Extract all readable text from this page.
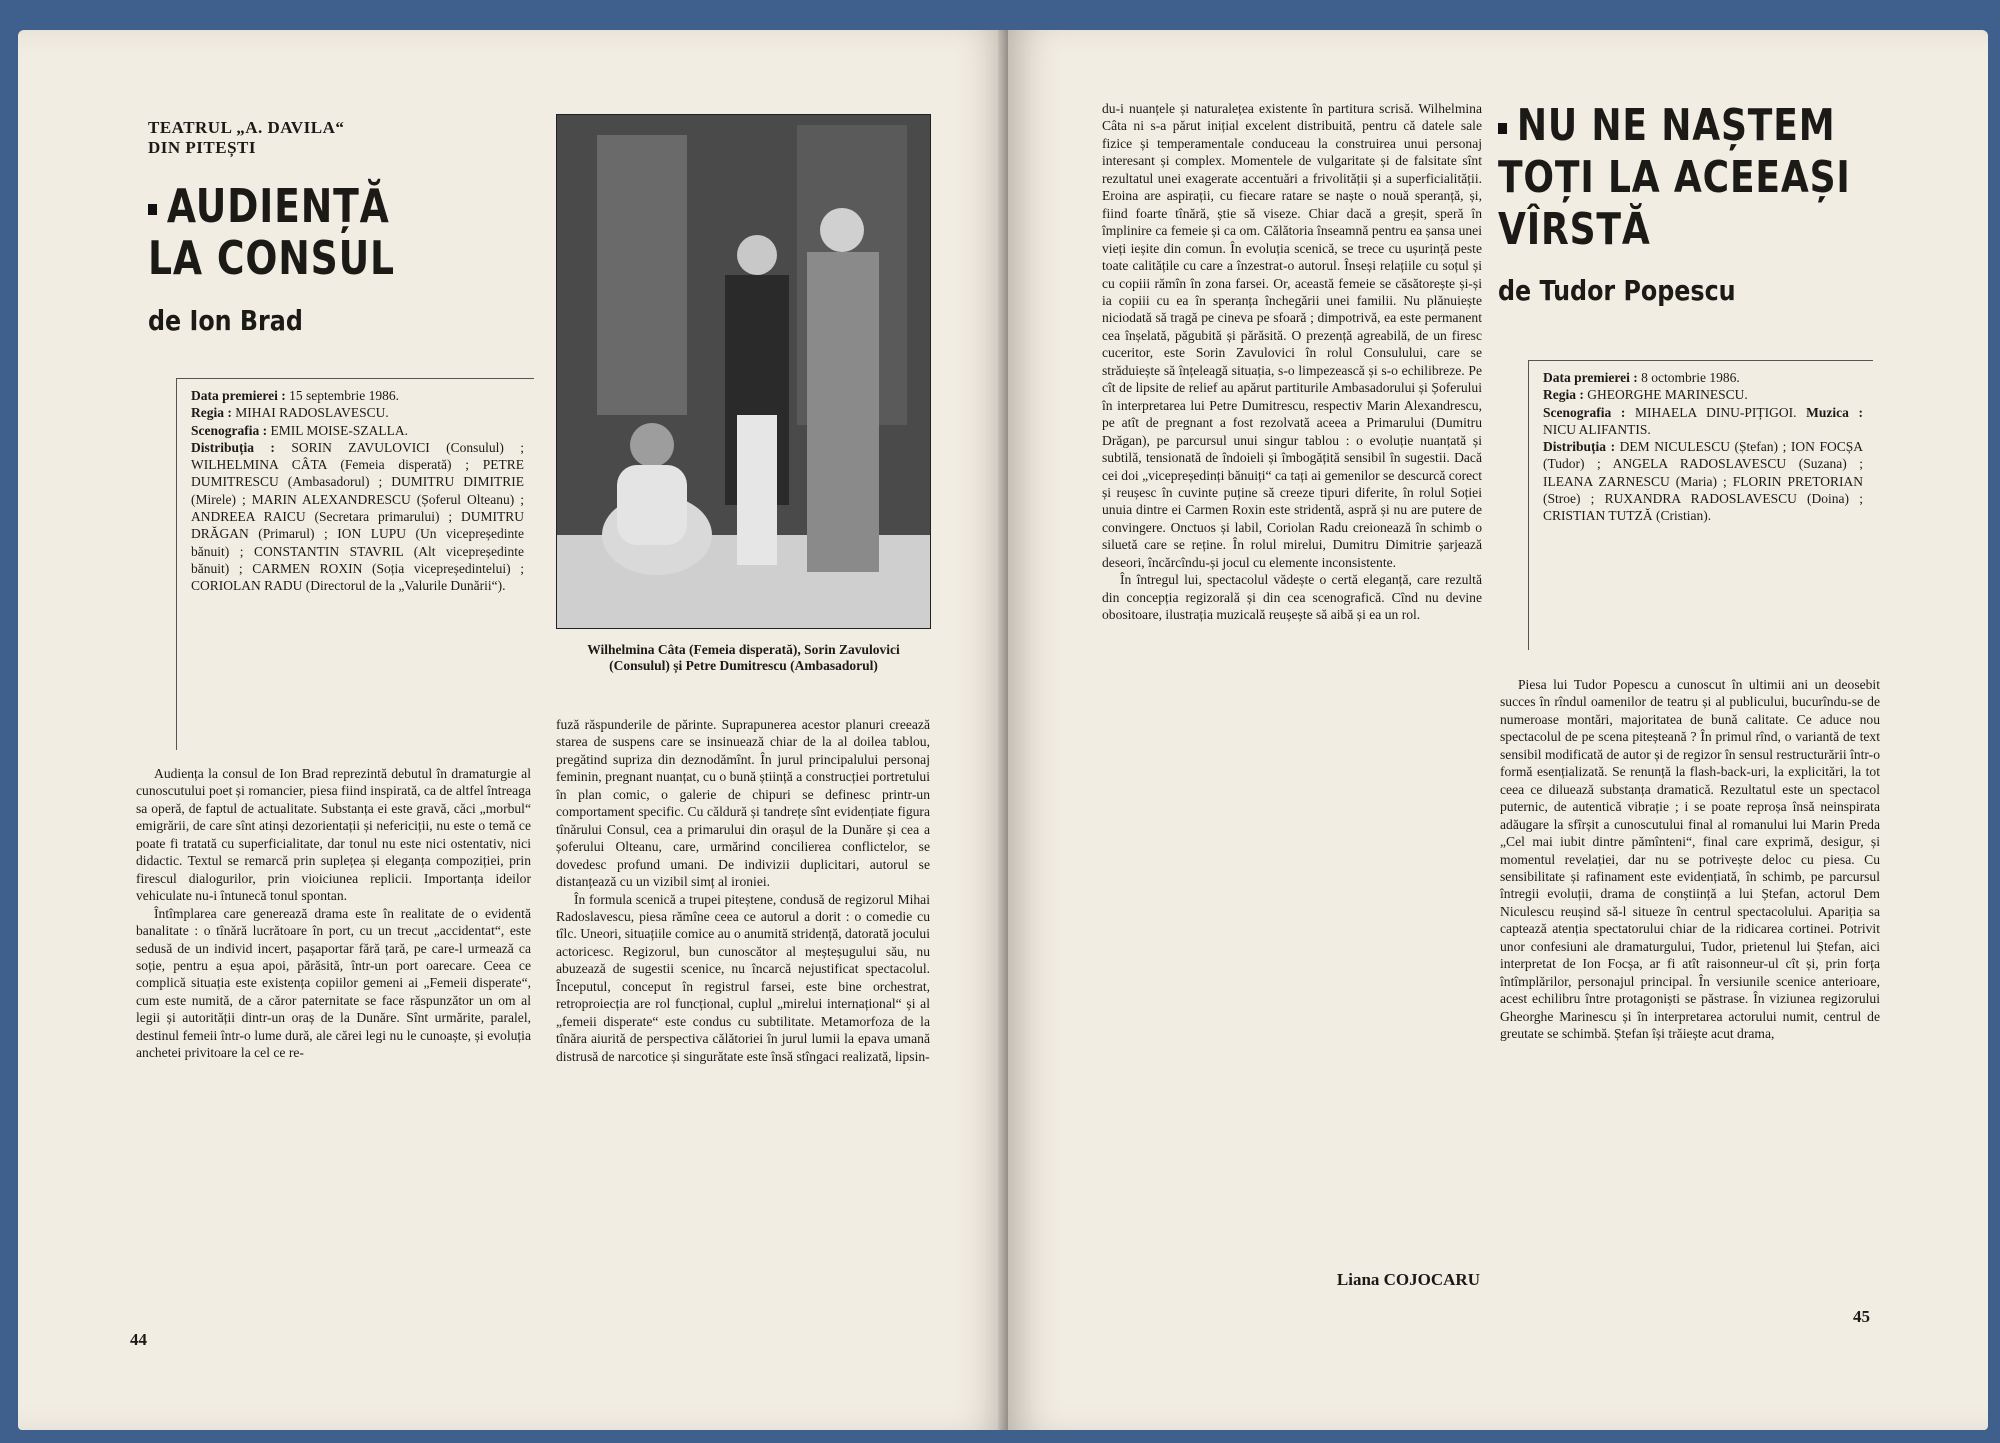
TEATRUL „A. DAVILA“
DIN PITEȘTI
AUDIENȚĂ
LA CONSUL
de Ion Brad

Data premierei : 15 septembrie 1986.

Regia : MIHAI RADOSLAVESCU.

Scenografia : EMIL MOISE-SZALLA.

Distribuția : SORIN ZAVULOVICI (Consulul) ; WILHELMINA CÂTA (Femeia disperată) ; PETRE DUMITRESCU (Ambasadorul) ; DUMITRU DIMITRIE (Mirele) ; MARIN ALEXANDRESCU (Șoferul Olteanu) ; ANDREEA RAICU (Secretara primarului) ; DUMITRU DRĂGAN (Primarul) ; ION LUPU (Un vicepreședinte bănuit) ; CONSTANTIN STAVRIL (Alt vicepreședinte bănuit) ; CARMEN ROXIN (Soția vicepreședintelui) ; CORIOLAN RADU (Directorul de la „Valurile Dunării“).

Audiența la consul de Ion Brad reprezintă debutul în dramaturgie al cunoscutului poet și romancier, piesa fiind inspirată, ca de altfel întreaga sa operă, de faptul de actualitate. Substanța ei este gravă, căci „morbul“ emigrării, de care sînt atinși dezorientații și nefericiții, nu este o temă ce poate fi tratată cu superficialitate, dar tonul nu este nici ostentativ, nici didactic. Textul se remarcă prin suplețea și eleganța compoziției, prin firescul dialogurilor, prin vioiciunea replicii. Importanța ideilor vehiculate nu-i întunecă tonul spontan.

Întîmplarea care generează drama este în realitate de o evidentă banalitate : o tînără lucrătoare în port, cu un trecut „accidentat“, este sedusă de un individ incert, pașaportar fără țară, pe care-l urmează ca soție, pentru a eșua apoi, părăsită, într-un port oarecare. Ceea ce complică situația este existența copiilor gemeni ai „Femeii disperate“, cum este numită, de a căror paternitate se face răspunzător un om al legii și autorității dintr-un oraș de la Dunăre. Sînt urmărite, paralel, destinul femeii într-o lume dură, ale cărei legi nu le cunoaște, și evoluția anchetei privitoare la cel ce re-

Wilhelmina Câta (Femeia disperată), Sorin Zavulovici (Consulul) și Petre Dumitrescu (Ambasadorul)

fuză răspunderile de părinte. Suprapunerea acestor planuri creează starea de suspens care se insinuează chiar de la al doilea tablou, pregătind supriza din deznodămînt. În jurul principalului personaj feminin, pregnant nuanțat, cu o bună știință a construcției portretului în plan comic, o galerie de chipuri se definesc printr-un comportament specific. Cu căldură și tandrețe sînt evidențiate figura tînărului Consul, cea a primarului din orașul de la Dunăre și cea a șoferului Olteanu, care, urmărind concilierea conflictelor, se dovedesc profund umani. De indivizii duplicitari, autorul se distanțează cu un vizibil simț al ironiei.

În formula scenică a trupei piteștene, condusă de regizorul Mihai Radoslavescu, piesa rămîne ceea ce autorul a dorit : o comedie cu tîlc. Uneori, situațiile comice au o anumită stridență, datorată jocului actoricesc. Regizorul, bun cunoscător al meșteșugului său, nu abuzează de sugestii scenice, nu încarcă nejustificat spectacolul. Începutul, conceput în registrul farsei, este bine orchestrat, retroproiecția are rol funcțional, cuplul „mirelui internațional“ și al „femeii disperate“ este condus cu subtilitate. Metamorfoza de la tînăra aiurită de perspectiva călătoriei în jurul lumii la epava umană distrusă de narcotice și singurătate este însă stîngaci realizată, lipsin-

44

du-i nuanțele și naturalețea existente în partitura scrisă. Wilhelmina Câta ni s-a părut inițial excelent distribuită, pentru că datele sale fizice și temperamentale conduceau la construirea unui personaj interesant și complex. Momentele de vulgaritate și de falsitate sînt rezultatul unei exagerate accentuări a frivolității și a superficialității. Eroina are aspirații, cu fiecare ratare se naște o nouă speranță, și, fiind foarte tînără, știe să viseze. Chiar dacă a greșit, speră în împlinire ca femeie și ca om. Călătoria înseamnă pentru ea șansa unei vieți ieșite din comun. În evoluția scenică, se trece cu ușurință peste toate calitățile cu care a înzestrat-o autorul. Înseși relațiile cu soțul și cu copiii rămîn în zona farsei. Or, această femeie se căsătorește și-și ia copiii cu ea în speranța închegării unei familii. Nu plănuiește niciodată să tragă pe cineva pe sfoară ; dimpotrivă, ea este permanent cea înșelată, păgubită și părăsită. O prezență agreabilă, de un firesc cuceritor, este Sorin Zavulovici în rolul Consulului, care se străduiește să înțeleagă situația, s-o limpezească și s-o echilibreze. Pe cît de lipsite de relief au apărut partiturile Ambasadorului și Șoferului în interpretarea lui Petre Dumitrescu, respectiv Marin Alexandrescu, pe atît de pregnant a fost rezolvată aceea a Primarului (Dumitru Drăgan), pe parcursul unui singur tablou : o evoluție nuanțată și subtilă, tensionată de îndoieli și îmbogățită sensibil în sugestii. Dacă cei doi „vicepreședinți bănuiți“ ca tați ai gemenilor se descurcă corect și reușesc în cuvinte puține să creeze tipuri diferite, în rolul Soției unuia dintre ei Carmen Roxin este stridentă, aspră și nu are putere de convingere. Onctuos și labil, Coriolan Radu creionează în schimb o siluetă care se reține. În rolul mirelui, Dumitru Dimitrie șarjează deseori, încărcîndu-și jocul cu elemente inconsistente.

În întregul lui, spectacolul vădește o certă eleganță, care rezultă din concepția regizorală și din cea scenografică. Cînd nu devine obositoare, ilustrația muzicală reușește să aibă și ea un rol.

Liana COJOCARU
NU NE NAȘTEM
TOȚI LA ACEEAȘI
VÎRSTĂ
de Tudor Popescu

Data premierei : 8 octombrie 1986.

Regia : GHEORGHE MARINESCU.

Scenografia : MIHAELA DINU-PIȚIGOI. Muzica : NICU ALIFANTIS.

Distribuția : DEM NICULESCU (Ștefan) ; ION FOCȘA (Tudor) ; ANGELA RADOSLAVESCU (Suzana) ; ILEANA ZARNESCU (Maria) ; FLORIN PRETORIAN (Stroe) ; RUXANDRA RADOSLAVESCU (Doina) ; CRISTIAN TUTZĂ (Cristian).

Piesa lui Tudor Popescu a cunoscut în ultimii ani un deosebit succes în rîndul oamenilor de teatru și al publicului, bucurîndu-se de numeroase montări, majoritatea de bună calitate. Ce aduce nou spectacolul de pe scena piteșteană ? În primul rînd, o variantă de text sensibil modificată de autor și de regizor în sensul restructurării într-o formă esențializată. Se renunță la flash-back-uri, la explicitări, la tot ceea ce diluează substanța dramatică. Rezultatul este un spectacol puternic, de autentică vibrație ; i se poate reproșa însă neinspirata adăugare la sfîrșit a cunoscutului final al romanului lui Marin Preda „Cel mai iubit dintre pămînteni“, final care exprimă, desigur, și momentul revelației, dar nu se potrivește deloc cu piesa. Cu sensibilitate și rafinament este evidențiată, în schimb, pe parcursul întregii evoluții, drama de conștiință a lui Ștefan, actorul Dem Niculescu reușind să-l situeze în centrul spectacolului. Apariția sa captează atenția spectatorului chiar de la ridicarea cortinei. Potrivit unor confesiuni ale dramaturgului, Tudor, prietenul lui Ștefan, aici interpretat de Ion Focșa, ar fi atît raisonneur-ul cît și, prin forța întîmplărilor, personajul principal. În versiunile scenice anterioare, acest echilibru între protagoniști se păstrase. În viziunea regizorului Gheorghe Marinescu și în interpretarea actorului numit, centrul de greutate se schimbă. Ștefan își trăiește acut drama,

45
